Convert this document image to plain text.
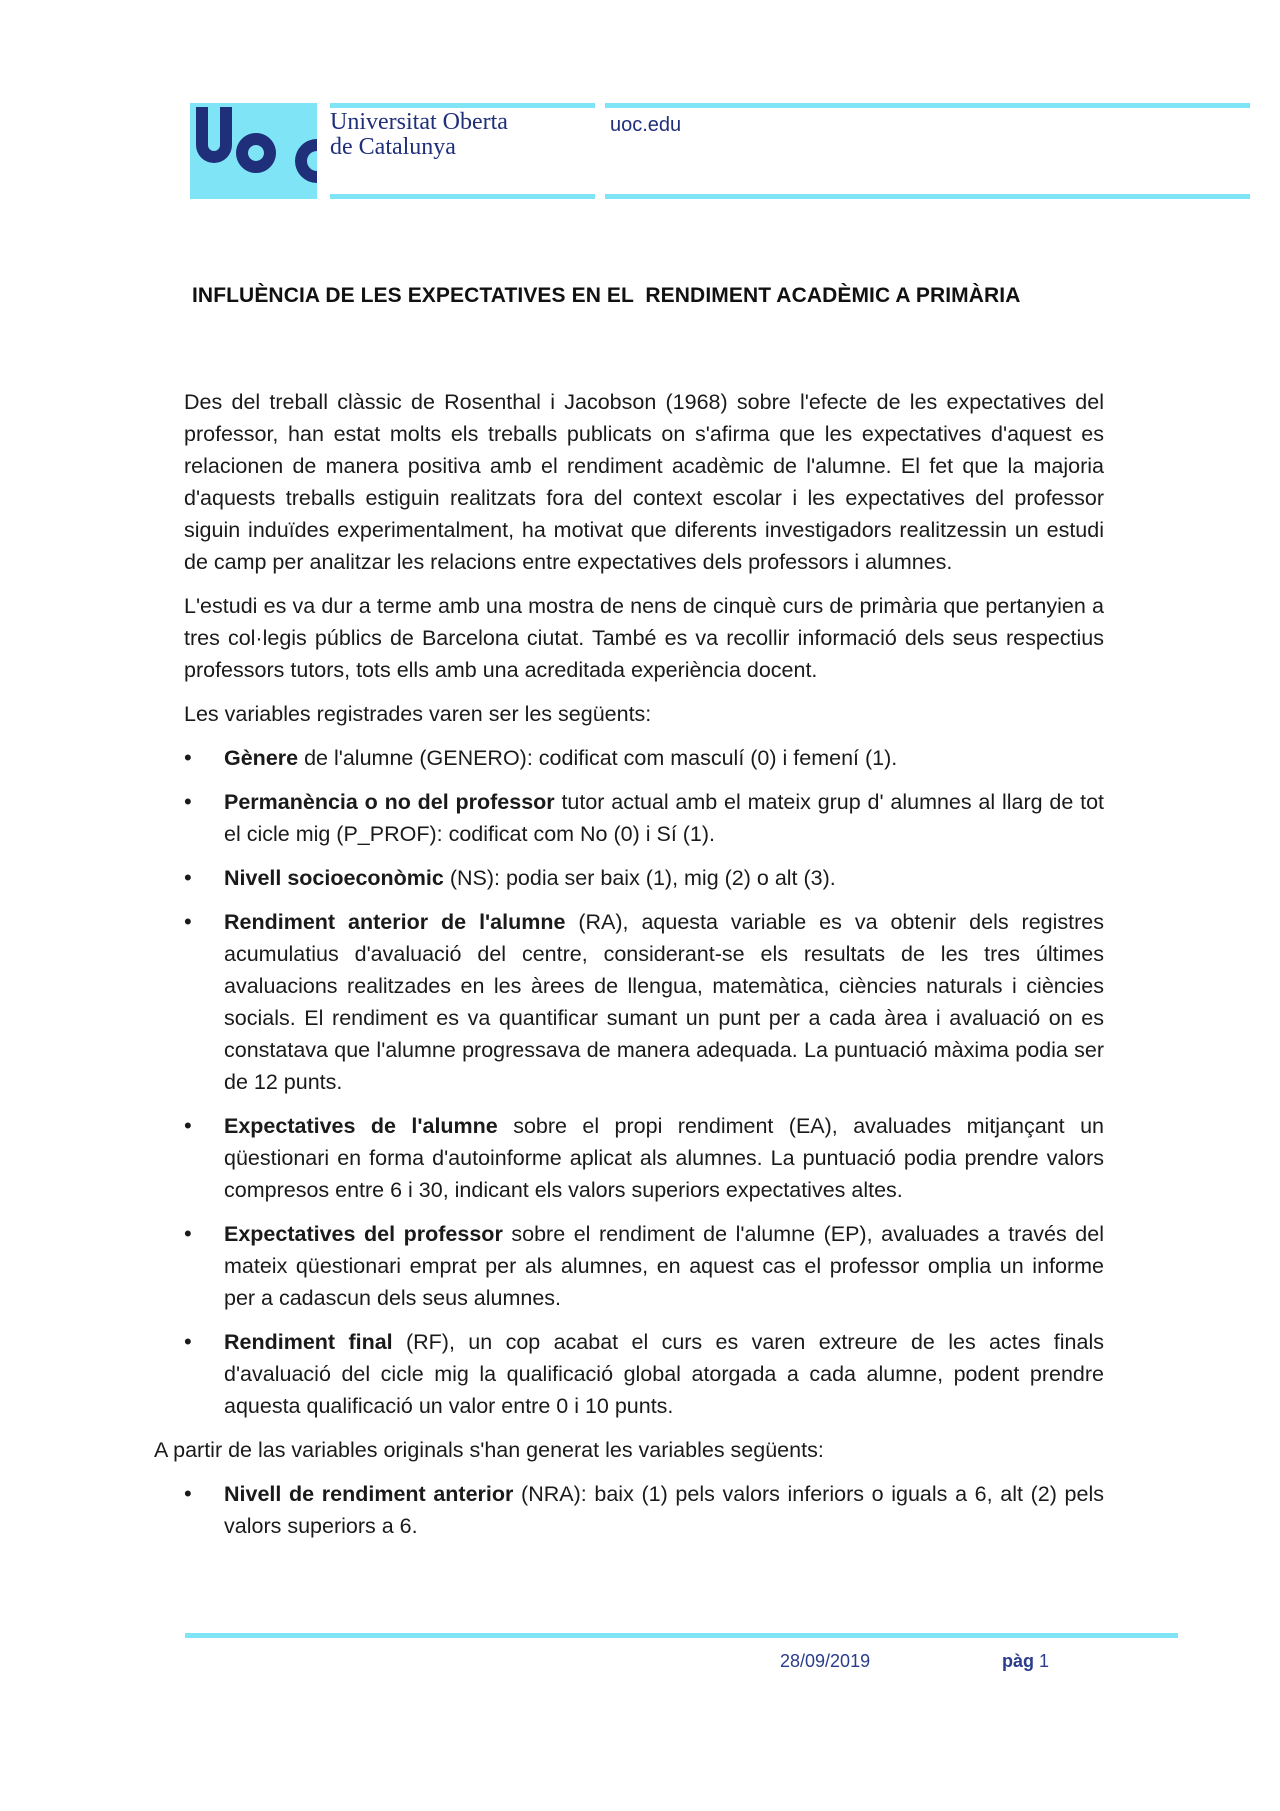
Universitat Oberta
de Catalunya
uoc.edu
INFLUÈNCIA DE LES EXPECTATIVES EN EL  RENDIMENT ACADÈMIC A PRIMÀRIA

Des del treball clàssic de Rosenthal i Jacobson (1968) sobre l'efecte de les expectatives del professor, han estat molts els treballs publicats on s'afirma que les expectatives d'aquest es relacionen de manera positiva amb el rendiment acadèmic de l'alumne. El fet que la majoria d'aquests treballs estiguin realitzats fora del context escolar i les expectatives del professor siguin induïdes experimentalment, ha motivat que diferents investigadors realitzessin un estudi de camp per analitzar les relacions entre expectatives dels professors i alumnes.

L'estudi es va dur a terme amb una mostra de nens de cinquè curs de primària que pertanyien a tres col·legis públics de Barcelona ciutat. També es va recollir informació dels seus respectius professors tutors, tots ells amb una acreditada experiència docent.

Les variables registrades varen ser les següents:

• Gènere de l'alumne (GENERO): codificat com masculí (0) i femení (1).
• Permanència o no del professor tutor actual amb el mateix grup d' alumnes al llarg de tot el cicle mig (P_PROF): codificat com No (0) i Sí (1).
• Nivell socioeconòmic (NS): podia ser baix (1), mig (2) o alt (3).
• Rendiment anterior de l'alumne (RA), aquesta variable es va obtenir dels registres acumulatius d'avaluació del centre, considerant-se els resultats de les tres últimes avaluacions realitzades en les àrees de llengua, matemàtica, ciències naturals i ciències socials. El rendiment es va quantificar sumant un punt per a cada àrea i avaluació on es constatava que l'alumne progressava de manera adequada. La puntuació màxima podia ser de 12 punts.
• Expectatives de l'alumne sobre el propi rendiment (EA), avaluades mitjançant un qüestionari en forma d'autoinforme aplicat als alumnes. La puntuació podia prendre valors compresos entre 6 i 30, indicant els valors superiors expectatives altes.
• Expectatives del professor sobre el rendiment de l'alumne (EP), avaluades a través del mateix qüestionari emprat per als alumnes, en aquest cas el professor omplia un informe per a cadascun dels seus alumnes.
• Rendiment final (RF), un cop acabat el curs es varen extreure de les actes finals d'avaluació del cicle mig la qualificació global atorgada a cada alumne, podent prendre aquesta qualificació un valor entre 0 i 10 punts.

A partir de las variables originals s'han generat les variables següents:

• Nivell de rendiment anterior (NRA): baix (1) pels valors inferiors o iguals a 6, alt (2) pels valors superiors a 6.
28/09/2019	pàg 1
